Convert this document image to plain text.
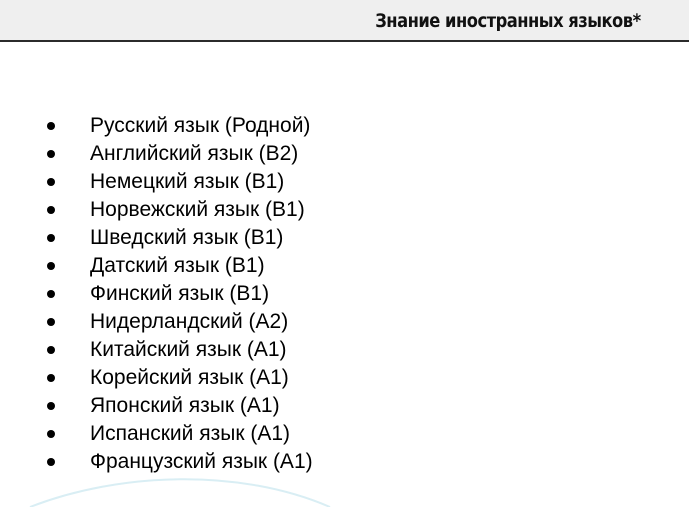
Знание иностранных языков*
Русский язык (Родной)
Английский язык (B2)
Немецкий язык (B1)
Норвежский язык (B1)
Шведский язык (B1)
Датский язык (B1)
Финский язык (B1)
Нидерландский (A2)
Китайский язык (A1)
Корейский язык (A1)
Японский язык (A1)
Испанский язык (A1)
Французский язык (A1)
